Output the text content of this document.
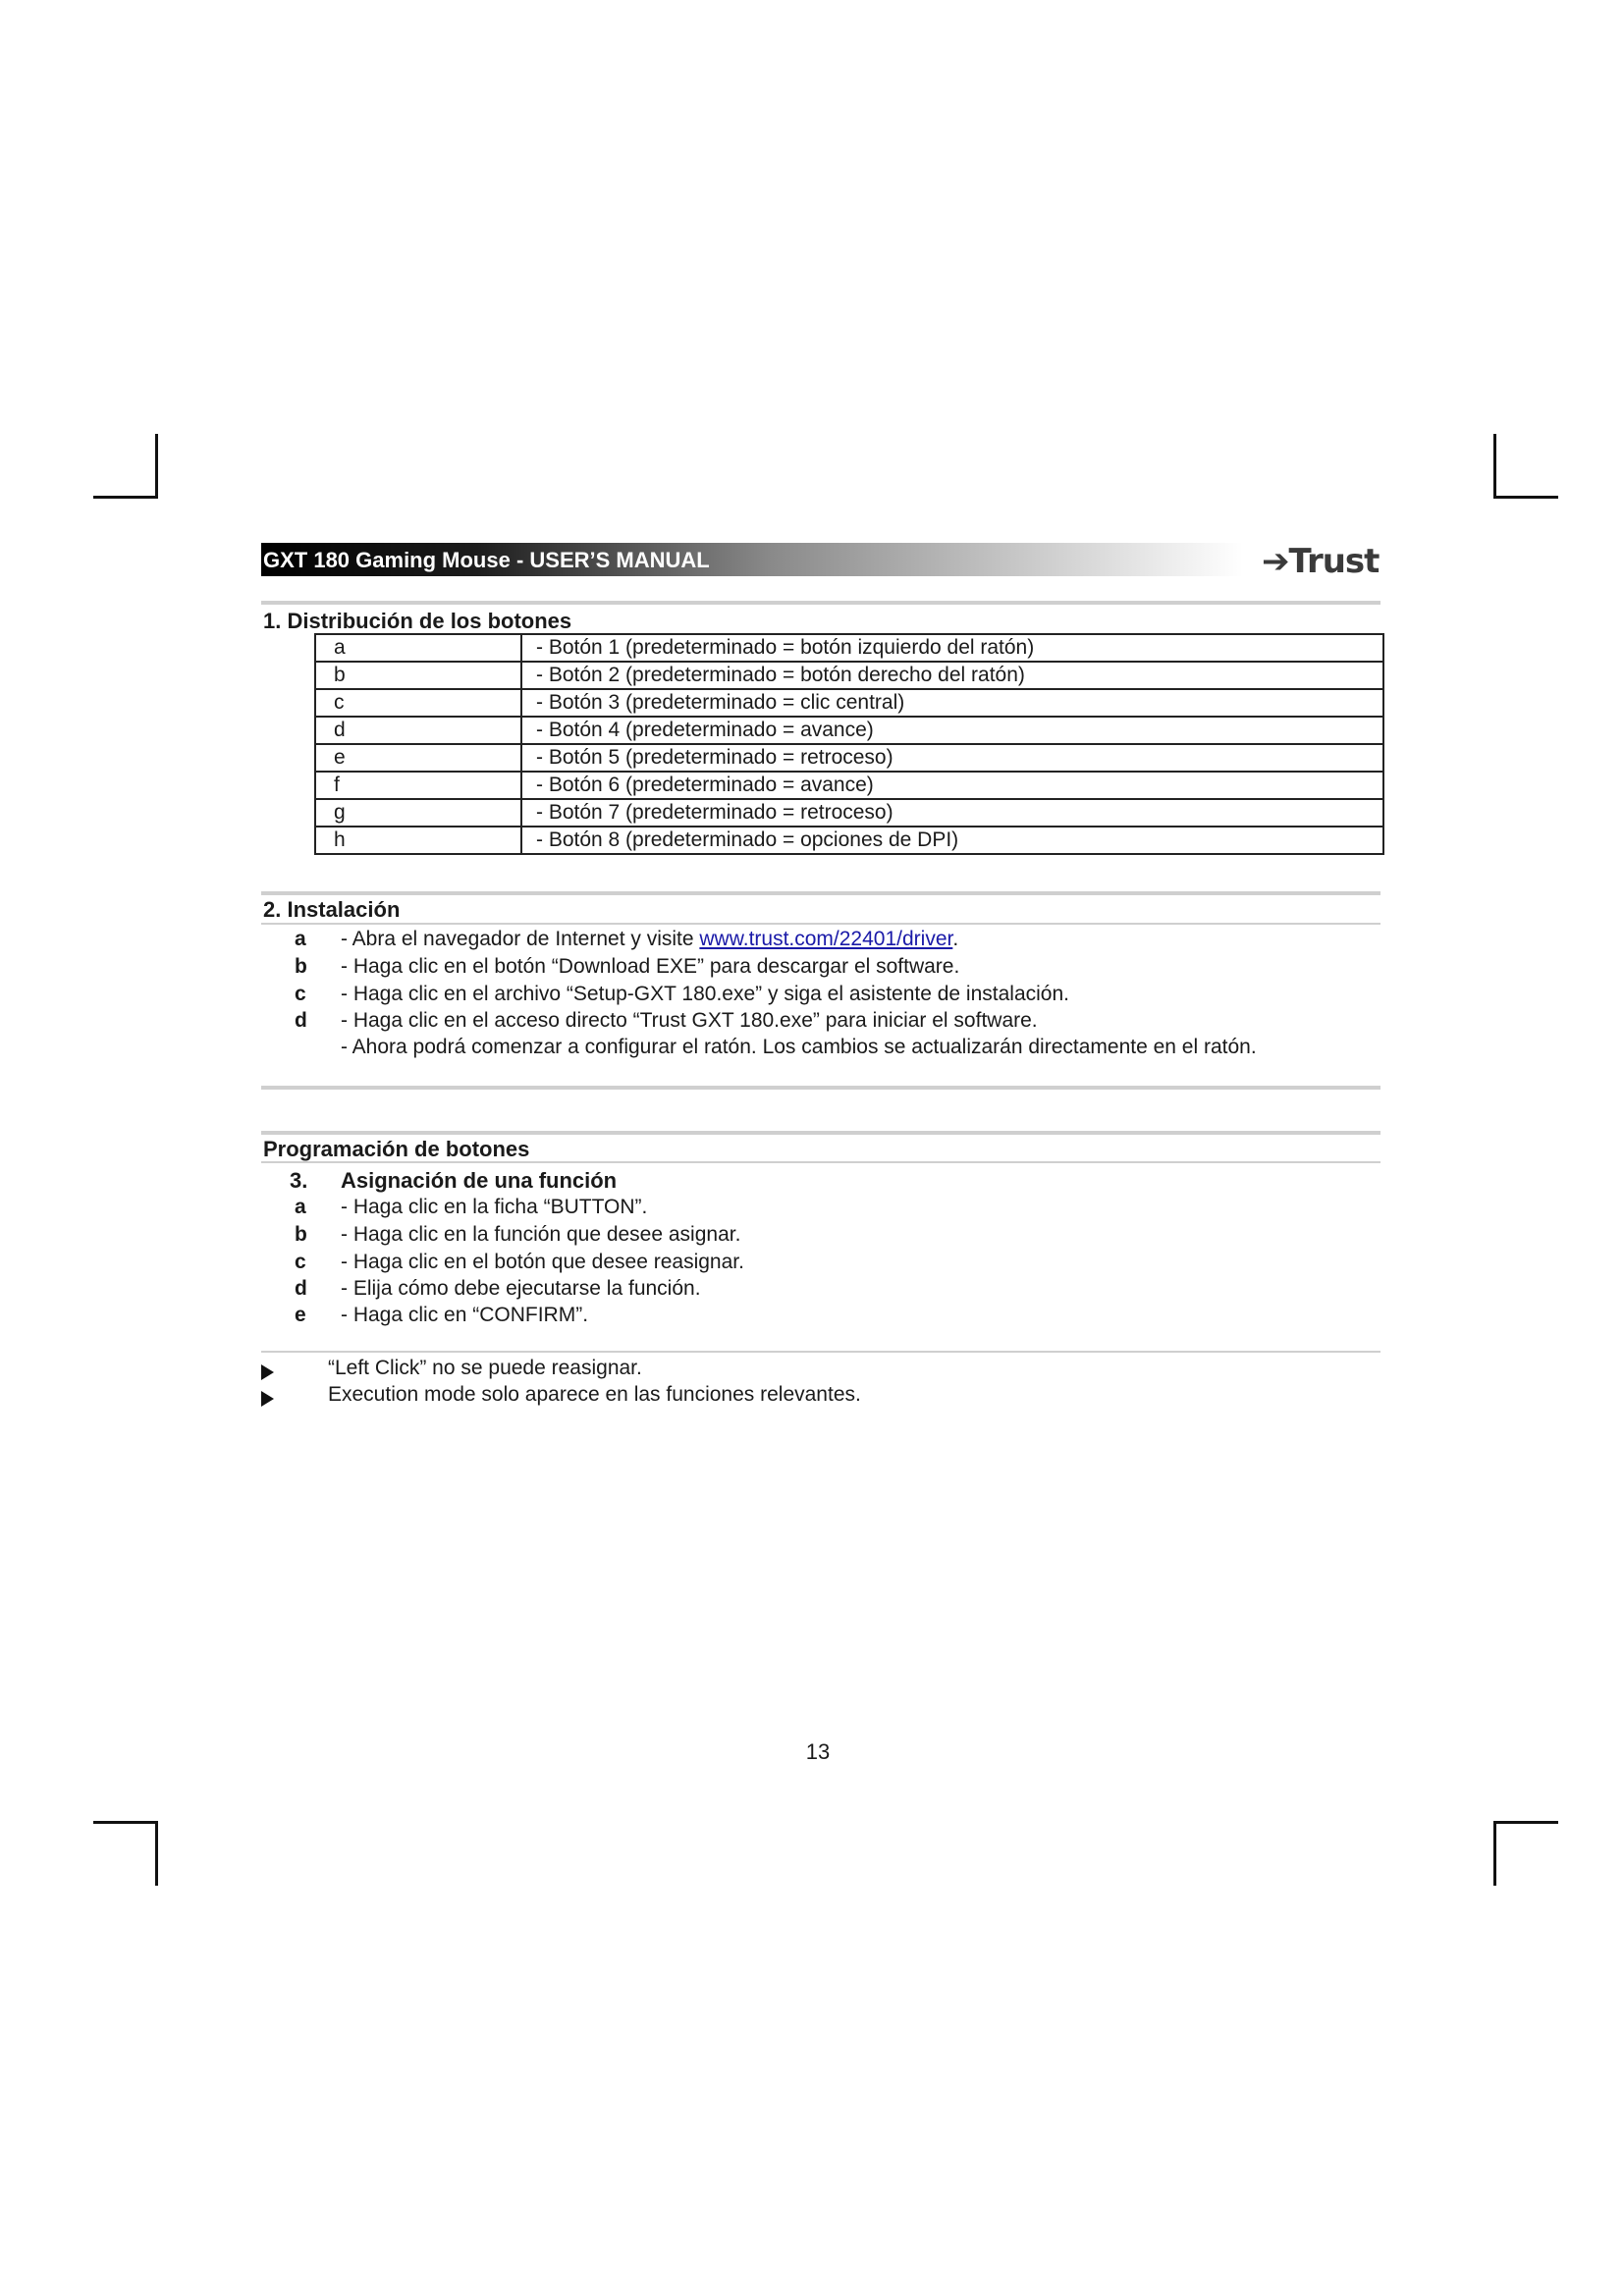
GXT 180 Gaming Mouse - USER’S MANUAL	➔Trust
1. Distribución de los botones
a	- Botón 1 (predeterminado = botón izquierdo del ratón)
b	- Botón 2 (predeterminado = botón derecho del ratón)
c	- Botón 3 (predeterminado = clic central)
d	- Botón 4 (predeterminado = avance)
e	- Botón 5 (predeterminado = retroceso)
f	- Botón 6 (predeterminado = avance)
g	- Botón 7 (predeterminado = retroceso)
h	- Botón 8 (predeterminado = opciones de DPI)
2. Instalación
a	- Abra el navegador de Internet y visite www.trust.com/22401/driver.
b	- Haga clic en el botón “Download EXE” para descargar el software.
c	- Haga clic en el archivo “Setup-GXT 180.exe” y siga el asistente de instalación.
d	- Haga clic en el acceso directo “Trust GXT 180.exe” para iniciar el software.
- Ahora podrá comenzar a configurar el ratón. Los cambios se actualizarán directamente en el ratón.
Programación de botones
3. Asignación de una función
a	- Haga clic en la ficha “BUTTON”.
b	- Haga clic en la función que desee asignar.
c	- Haga clic en el botón que desee reasignar.
d	- Elija cómo debe ejecutarse la función.
e	- Haga clic en “CONFIRM”.
“Left Click” no se puede reasignar.
Execution mode solo aparece en las funciones relevantes.
13
